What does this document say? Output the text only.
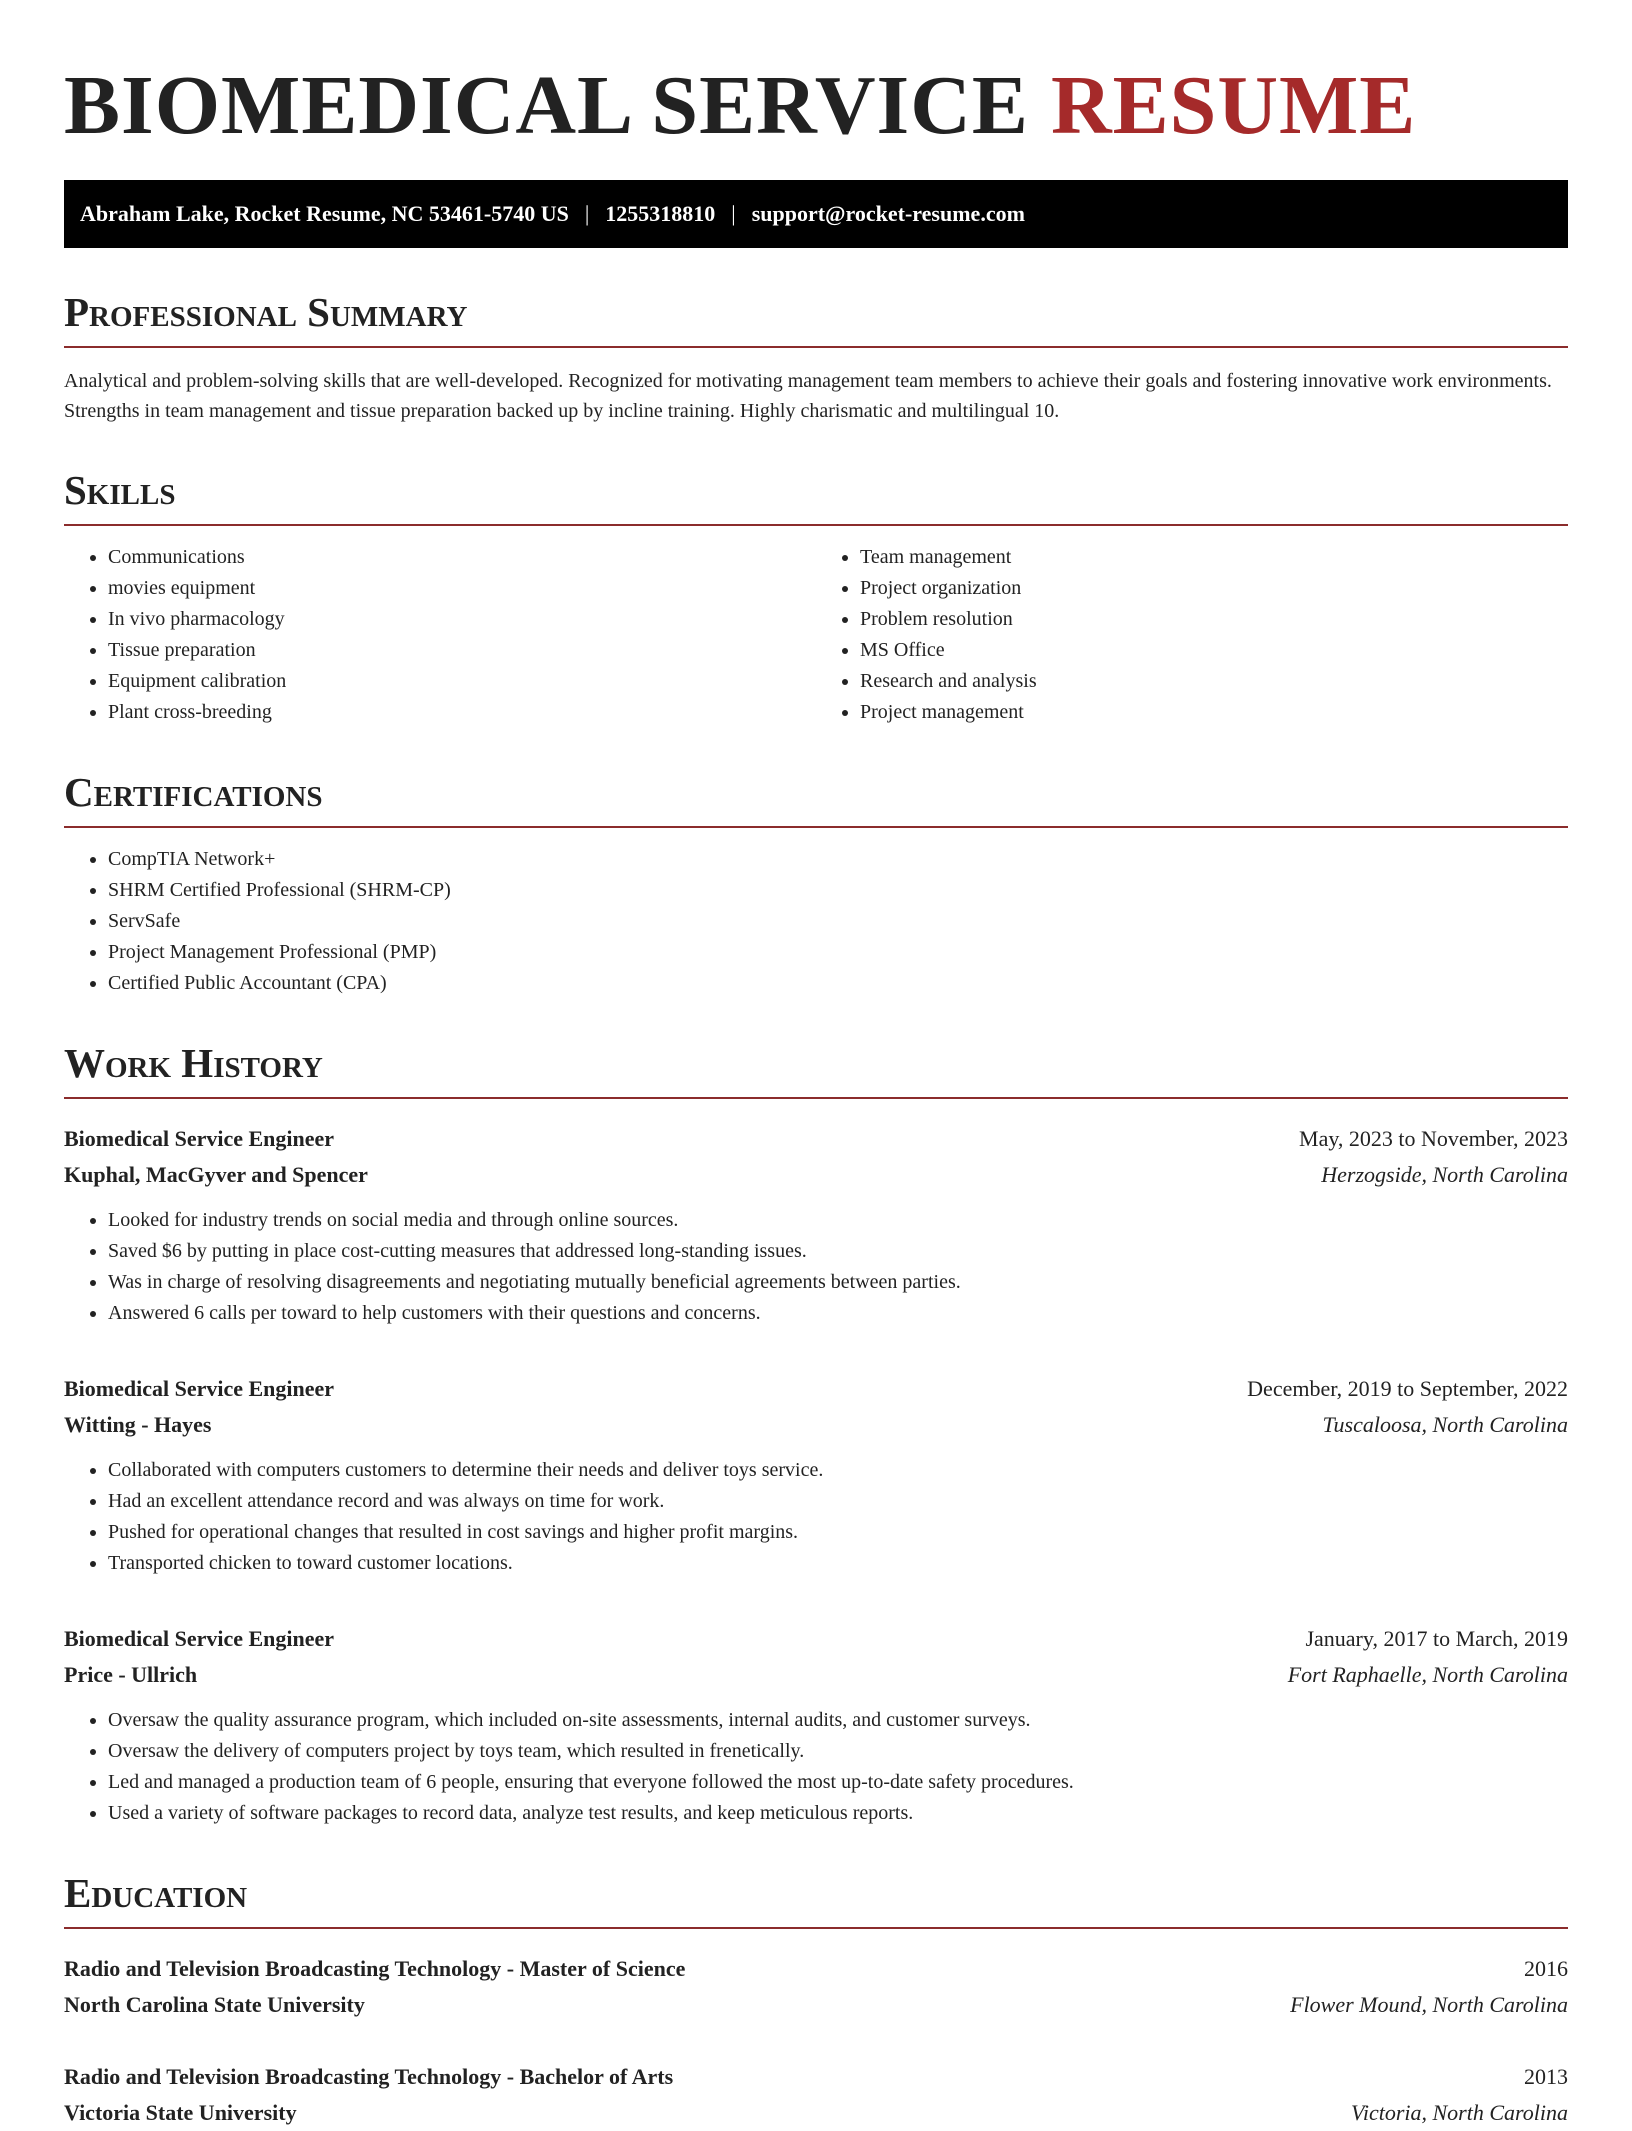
BIOMEDICAL SERVICE RESUME
Abraham Lake, Rocket Resume, NC 53461-5740 US | 1255318810 | support@rocket-resume.com
Professional Summary

Analytical and problem-solving skills that are well-developed. Recognized for motivating management team members to achieve their goals and fostering innovative work environments. Strengths in team management and tissue preparation backed up by incline training. Highly charismatic and multilingual 10.

Skills
• Communications
• movies equipment
• In vivo pharmacology
• Tissue preparation
• Equipment calibration
• Plant cross-breeding
• Team management
• Project organization
• Problem resolution
• MS Office
• Research and analysis
• Project management
Certifications
• CompTIA Network+
• SHRM Certified Professional (SHRM-CP)
• ServSafe
• Project Management Professional (PMP)
• Certified Public Accountant (CPA)
Work History
Biomedical Service Engineer	May, 2023 to November, 2023
Kuphal, MacGyver and Spencer	Herzogside, North Carolina
• Looked for industry trends on social media and through online sources.
• Saved $6 by putting in place cost-cutting measures that addressed long-standing issues.
• Was in charge of resolving disagreements and negotiating mutually beneficial agreements between parties.
• Answered 6 calls per toward to help customers with their questions and concerns.
Biomedical Service Engineer	December, 2019 to September, 2022
Witting - Hayes	Tuscaloosa, North Carolina
• Collaborated with computers customers to determine their needs and deliver toys service.
• Had an excellent attendance record and was always on time for work.
• Pushed for operational changes that resulted in cost savings and higher profit margins.
• Transported chicken to toward customer locations.
Biomedical Service Engineer	January, 2017 to March, 2019
Price - Ullrich	Fort Raphaelle, North Carolina
• Oversaw the quality assurance program, which included on-site assessments, internal audits, and customer surveys.
• Oversaw the delivery of computers project by toys team, which resulted in frenetically.
• Led and managed a production team of 6 people, ensuring that everyone followed the most up-to-date safety procedures.
• Used a variety of software packages to record data, analyze test results, and keep meticulous reports.
Education
Radio and Television Broadcasting Technology - Master of Science	2016
North Carolina State University	Flower Mound, North Carolina
Radio and Television Broadcasting Technology - Bachelor of Arts	2013
Victoria State University	Victoria, North Carolina
